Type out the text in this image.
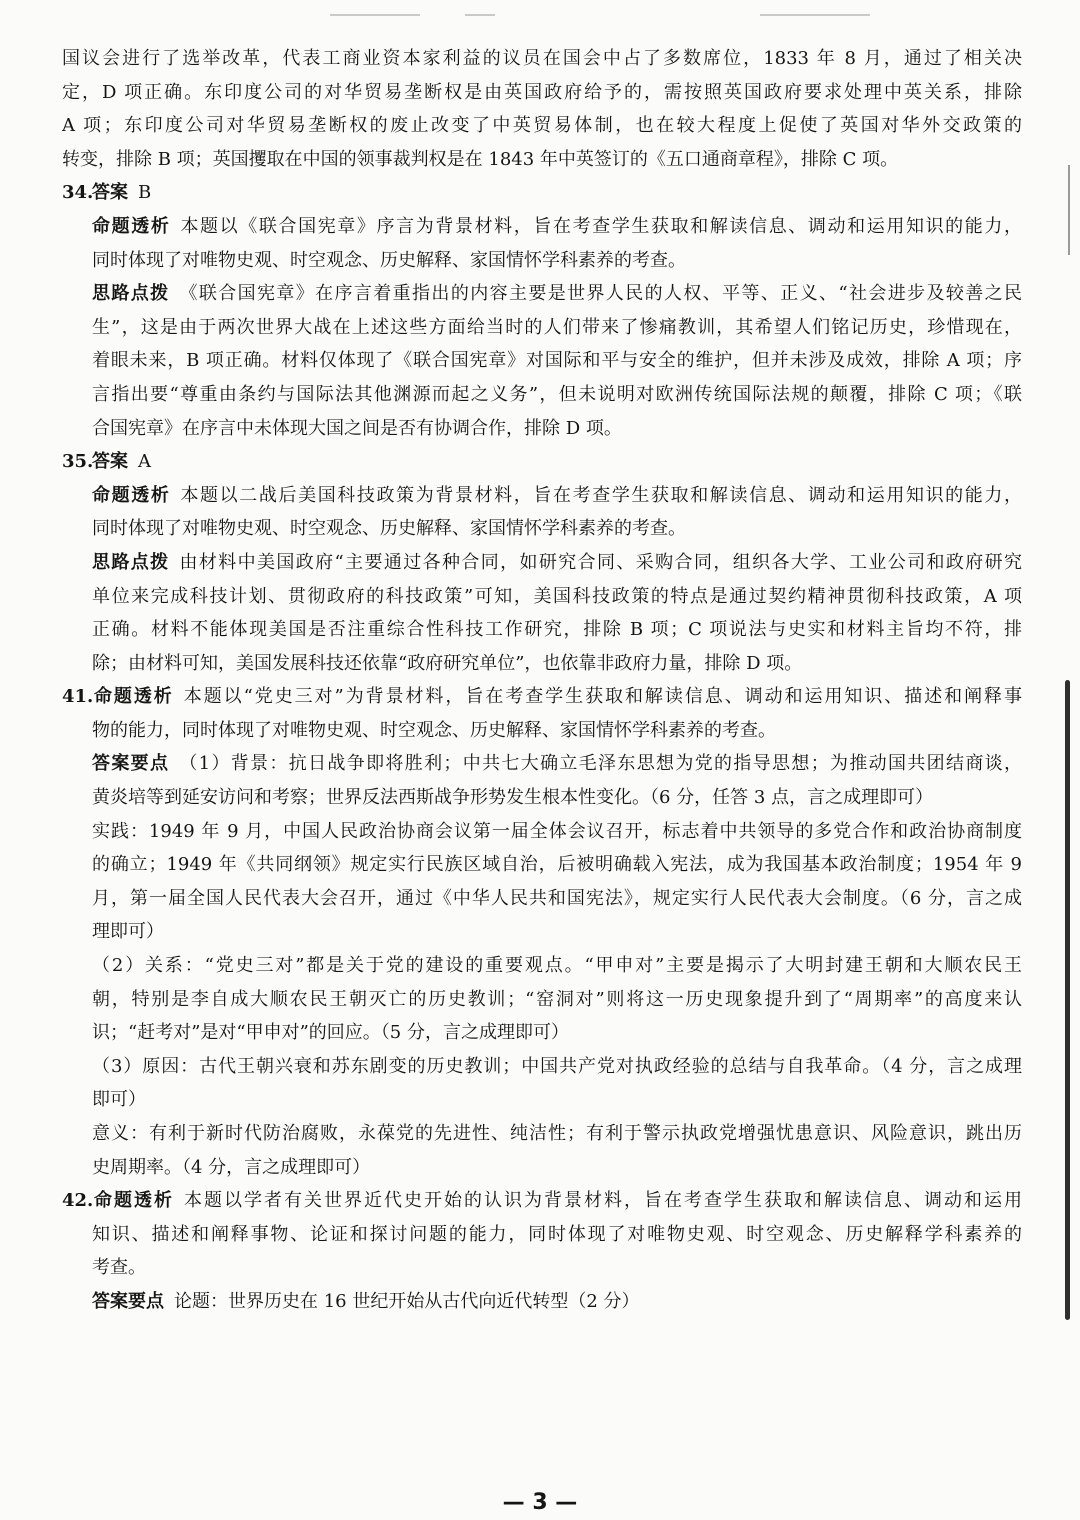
国议会进行了选举改革，代表工商业资本家利益的议员在国会中占了多数席位，1833 年 8 月，通过了相关决
定，D 项正确。东印度公司的对华贸易垄断权是由英国政府给予的，需按照英国政府要求处理中英关系，排除
A 项；东印度公司对华贸易垄断权的废止改变了中英贸易体制，也在较大程度上促使了英国对华外交政策的
转变，排除 B 项；英国攫取在中国的领事裁判权是在 1843 年中英签订的《五口通商章程》，排除 C 项。
34.答案 B
命题透析 本题以《联合国宪章》序言为背景材料，旨在考查学生获取和解读信息、调动和运用知识的能力，
同时体现了对唯物史观、时空观念、历史解释、家国情怀学科素养的考查。
思路点拨 《联合国宪章》在序言着重指出的内容主要是世界人民的人权、平等、正义、“社会进步及较善之民
生”，这是由于两次世界大战在上述这些方面给当时的人们带来了惨痛教训，其希望人们铭记历史，珍惜现在，
着眼未来，B 项正确。材料仅体现了《联合国宪章》对国际和平与安全的维护，但并未涉及成效，排除 A 项；序
言指出要“尊重由条约与国际法其他渊源而起之义务”，但未说明对欧洲传统国际法规的颠覆，排除 C 项；《联
合国宪章》在序言中未体现大国之间是否有协调合作，排除 D 项。
35.答案 A
命题透析 本题以二战后美国科技政策为背景材料，旨在考查学生获取和解读信息、调动和运用知识的能力，
同时体现了对唯物史观、时空观念、历史解释、家国情怀学科素养的考查。
思路点拨 由材料中美国政府“主要通过各种合同，如研究合同、采购合同，组织各大学、工业公司和政府研究
单位来完成科技计划、贯彻政府的科技政策”可知，美国科技政策的特点是通过契约精神贯彻科技政策，A 项
正确。材料不能体现美国是否注重综合性科技工作研究，排除 B 项；C 项说法与史实和材料主旨均不符，排
除；由材料可知，美国发展科技还依靠“政府研究单位”，也依靠非政府力量，排除 D 项。
41.命题透析 本题以“党史三对”为背景材料，旨在考查学生获取和解读信息、调动和运用知识、描述和阐释事
物的能力，同时体现了对唯物史观、时空观念、历史解释、家国情怀学科素养的考查。
答案要点 （1）背景：抗日战争即将胜利；中共七大确立毛泽东思想为党的指导思想；为推动国共团结商谈，
黄炎培等到延安访问和考察；世界反法西斯战争形势发生根本性变化。（6 分，任答 3 点，言之成理即可）
实践：1949 年 9 月，中国人民政治协商会议第一届全体会议召开，标志着中共领导的多党合作和政治协商制度
的确立；1949 年《共同纲领》规定实行民族区域自治，后被明确载入宪法，成为我国基本政治制度；1954 年 9
月，第一届全国人民代表大会召开，通过《中华人民共和国宪法》，规定实行人民代表大会制度。（6 分，言之成
理即可）
（2）关系：“党史三对”都是关于党的建设的重要观点。“甲申对”主要是揭示了大明封建王朝和大顺农民王
朝，特别是李自成大顺农民王朝灭亡的历史教训；“窑洞对”则将这一历史现象提升到了“周期率”的高度来认
识；“赶考对”是对“甲申对”的回应。（5 分，言之成理即可）
（3）原因：古代王朝兴衰和苏东剧变的历史教训；中国共产党对执政经验的总结与自我革命。（4 分，言之成理
即可）
意义：有利于新时代防治腐败，永葆党的先进性、纯洁性；有利于警示执政党增强忧患意识、风险意识，跳出历
史周期率。（4 分，言之成理即可）
42.命题透析 本题以学者有关世界近代史开始的认识为背景材料，旨在考查学生获取和解读信息、调动和运用
知识、描述和阐释事物、论证和探讨问题的能力，同时体现了对唯物史观、时空观念、历史解释学科素养的
考查。
答案要点 论题：世界历史在 16 世纪开始从古代向近代转型（2 分）
— 3 —
